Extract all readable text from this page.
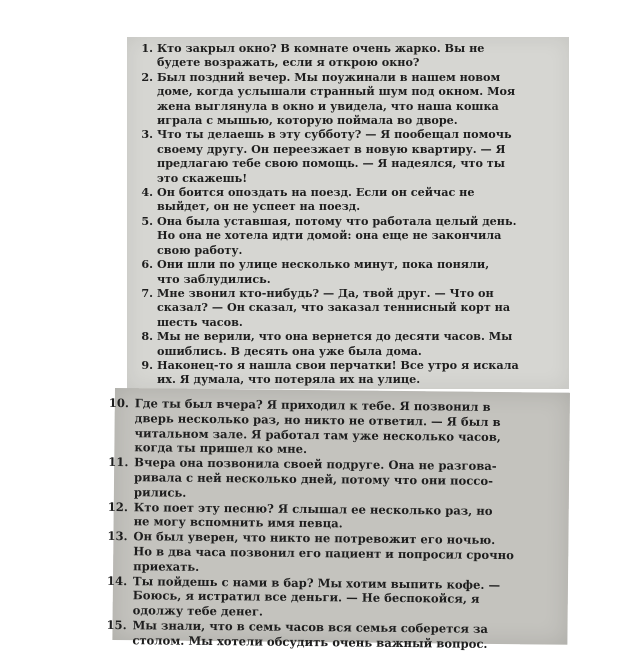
1. Кто закрыл окно? В комнате очень жарко. Вы не
будете возражать, если я открою окно?
2. Был поздний вечер. Мы поужинали в нашем новом
доме, когда услышали странный шум под окном. Моя
жена выглянула в окно и увидела, что наша кошка
играла с мышью, которую поймала во дворе.
3. Что ты делаешь в эту субботу? — Я пообещал помочь
своему другу. Он переезжает в новую квартиру. — Я
предлагаю тебе свою помощь. — Я надеялся, что ты
это скажешь!
4. Он боится опоздать на поезд. Если он сейчас не
выйдет, он не успеет на поезд.
5. Она была уставшая, потому что работала целый день.
Но она не хотела идти домой: она еще не закончила
свою работу.
6. Они шли по улице несколько минут, пока поняли,
что заблудились.
7. Мне звонил кто-нибудь? — Да, твой друг. — Что он
сказал? — Он сказал, что заказал теннисный корт на
шесть часов.
8. Мы не верили, что она вернется до десяти часов. Мы
ошиблись. В десять она уже была дома.
9. Наконец-то я нашла свои перчатки! Все утро я искала
их. Я думала, что потеряла их на улице.
10. Где ты был вчера? Я приходил к тебе. Я позвонил в
дверь несколько раз, но никто не ответил. — Я был в
читальном зале. Я работал там уже несколько часов,
когда ты пришел ко мне.
11. Вчера она позвонила своей подруге. Она не разгова-
ривала с ней несколько дней, потому что они поссо-
рились.
12. Кто поет эту песню? Я слышал ее несколько раз, но
не могу вспомнить имя певца.
13. Он был уверен, что никто не потревожит его ночью.
Но в два часа позвонил его пациент и попросил срочно
приехать.
14. Ты пойдешь с нами в бар? Мы хотим выпить кофе. —
Боюсь, я истратил все деньги. — Не беспокойся, я
одолжу тебе денег.
15. Мы знали, что в семь часов вся семья соберется за
столом. Мы хотели обсудить очень важный вопрос.
